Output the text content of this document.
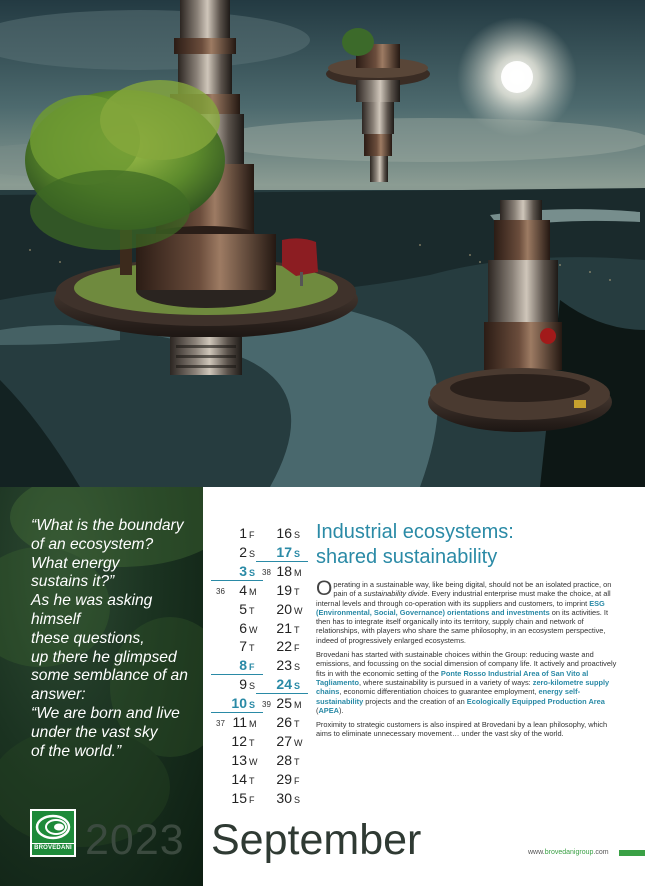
“What is the boundary
of an ecosystem?
What energy
sustains it?”
As he was asking
himself
these questions,
up there he glimpsed
some semblance of an
answer:
“We are born and live
under the vast sky
of the world.”

BROVEDANI 2023 September
1 F
2 S
3 S
4 M
36
5 T
6 W
7 T
8 F
9 S
10 S
11 M
37
12 T
13 W
14 T
15 F
16 S
17 S
18 M
38
19 T
20 W
21 T
22 F
23 S
24 S
25 M
39
26 T
27 W
28 T
29 F
30 S
Industrial ecosystems:
shared sustainability

Operating in a sustainable way, like being digital, should not be an isolated practice, on pain of a sustainability divide. Every industrial enterprise must make the choice, at all internal levels and through co-operation with its suppliers and customers, to imprint ESG (Environmental, Social, Governance) orientations and investments on its activities. It then has to integrate itself organically into its territory, supply chain and network of relationships, with players who share the same philosophy, in an ecosystem perspective, indeed of progressively enlarged ecosystems.

Brovedani has started with sustainable choices within the Group: reducing waste and emissions, and focussing on the social dimension of company life. It actively and proactively fits in with the economic setting of the Ponte Rosso Industrial Area of San Vito al Tagliamento, where sustainability is pursued in a variety of ways: zero-kilometre supply chains, economic differentiation choices to guarantee employment, energy self-sustainability projects and the creation of an Ecologically Equipped Production Area (APEA).

Proximity to strategic customers is also inspired at Brovedani by a lean philosophy, which aims to eliminate unnecessary movement… under the vast sky of the world.

www.brovedanigroup.com
